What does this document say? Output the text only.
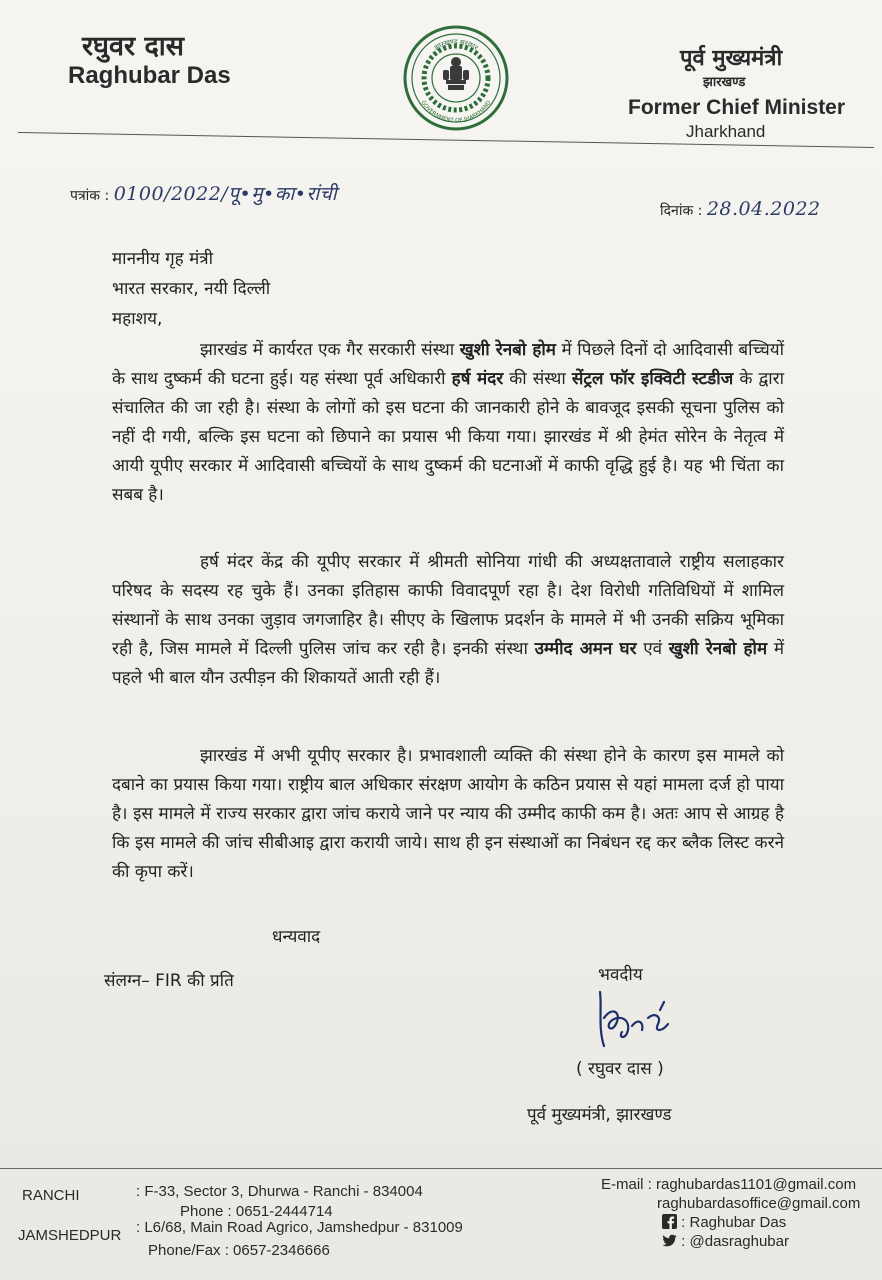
रघुवर दास
Raghubar Das
झारखण्ड सरकार
GOVERNMENT OF JHARKHAND
पूर्व मुख्यमंत्री
झारखण्ड
Former Chief Minister
Jharkhand
पत्रांक : 0100/2022/पू•मु•का•रांची
दिनांक : 28.04.2022
माननीय गृह मंत्री
भारत सरकार, नयी दिल्ली
महाशय,
झारखंड में कार्यरत एक गैर सरकारी संस्था खुशी रेनबो होम में पिछले दिनों दो आदिवासी बच्चियों के साथ दुष्कर्म की घटना हुई। यह संस्था पूर्व अधिकारी हर्ष मंदर की संस्था सेंट्रल फॉर इक्विटी स्टडीज के द्वारा संचालित की जा रही है। संस्था के लोगों को इस घटना की जानकारी होने के बावजूद इसकी सूचना पुलिस को नहीं दी गयी, बल्कि इस घटना को छिपाने का प्रयास भी किया गया। झारखंड में श्री हेमंत सोरेन के नेतृत्व में आयी यूपीए सरकार में आदिवासी बच्चियों के साथ दुष्कर्म की घटनाओं में काफी वृद्धि हुई है। यह भी चिंता का सबब है।
हर्ष मंदर केंद्र की यूपीए सरकार में श्रीमती सोनिया गांधी की अध्यक्षतावाले राष्ट्रीय सलाहकार परिषद के सदस्य रह चुके हैं। उनका इतिहास काफी विवादपूर्ण रहा है। देश विरोधी गतिविधियों में शामिल संस्थानों के साथ उनका जुड़ाव जगजाहिर है। सीएए के खिलाफ प्रदर्शन के मामले में भी उनकी सक्रिय भूमिका रही है, जिस मामले में दिल्ली पुलिस जांच कर रही है। इनकी संस्था उम्मीद अमन घर एवं खुशी रेनबो होम में पहले भी बाल यौन उत्पीड़न की शिकायतें आती रही हैं।
झारखंड में अभी यूपीए सरकार है। प्रभावशाली व्यक्ति की संस्था होने के कारण इस मामले को दबाने का प्रयास किया गया। राष्ट्रीय बाल अधिकार संरक्षण आयोग के कठिन प्रयास से यहां मामला दर्ज हो पाया है। इस मामले में राज्य सरकार द्वारा जांच कराये जाने पर न्याय की उम्मीद काफी कम है। अतः आप से आग्रह है कि इस मामले की जांच सीबीआइ द्वारा करायी जाये। साथ ही इन संस्थाओं का निबंधन रद्द कर ब्लैक लिस्ट करने की कृपा करें।
धन्यवाद
संलग्न– FIR की प्रति	भवदीय
( रघुवर दास )
पूर्व मुख्यमंत्री, झारखण्ड
RANCHI	: F-33, Sector 3, Dhurwa - Ranchi - 834004
Phone : 0651-2444714
JAMSHEDPUR : L6/68, Main Road Agrico, Jamshedpur - 831009
Phone/Fax : 0657-2346666
E-mail : raghubardas1101@gmail.com
raghubardasoffice@gmail.com
: Raghubar Das
: @dasraghubar
